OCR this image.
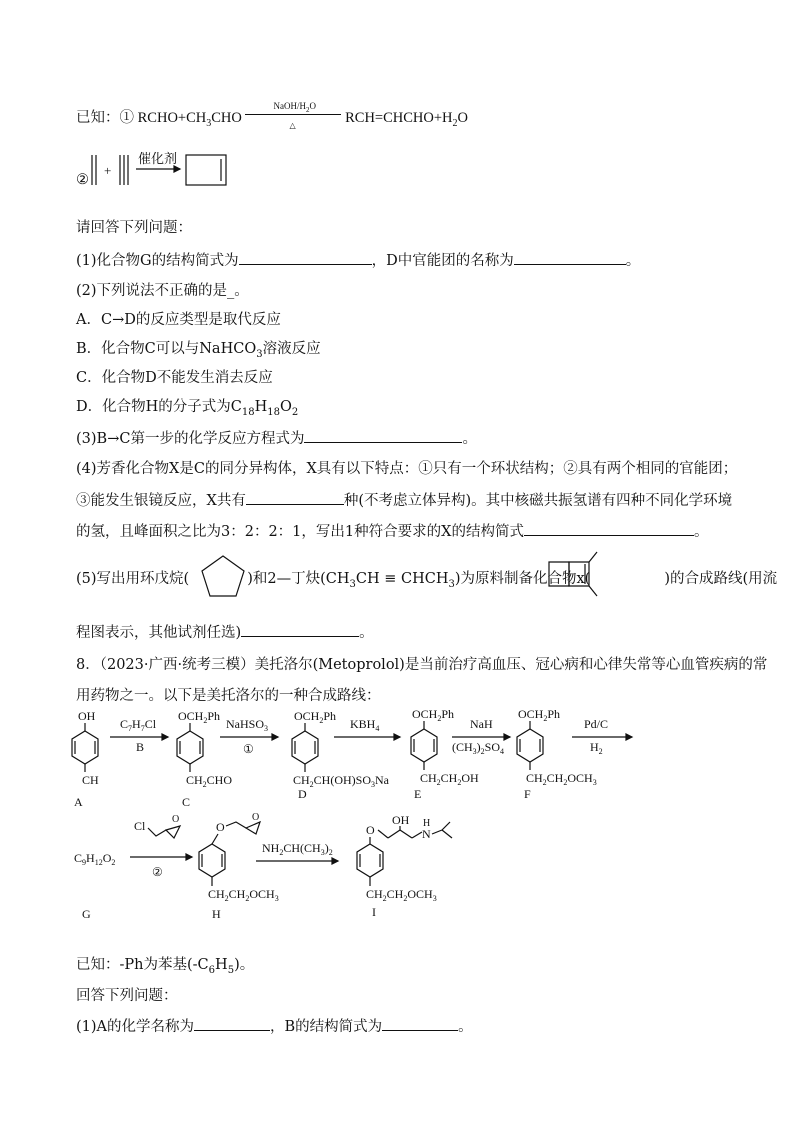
已知：① $RCHO+CH_3CHO$
NaOH/$H_2O$
△	$RCH=CHCHO+H_2O$
②
+
催化剂
请回答下列问题：
(1)化合物G的结构简式为	，D中官能团的名称为	。
(2)下列说法不正确的是_。
A．C→D的反应类型是取代反应
B．化合物C可以与NaHCO$_3$溶液反应
C．化合物D不能发生消去反应
D．化合物H的分子式为$C_{18}H_{18}O_2$
(3)B→C第一步的化学反应方程式为	。
(4)芳香化合物X是C的同分异构体，X具有以下特点：①只有一个环状结构；②具有两个相同的官能团；
③能发生银镜反应，X共有	种(不考虑立体异构)。其中核磁共振氢谱有四种不同化学环境
的氢，且峰面积之比为3：2：2：1，写出1种符合要求的X的结构简式	。
(5)写出用环戊烷(	)和2—丁炔($CH_3CH$ ≡ $CHCH_3$)为原料制备化合物x(	)的合成路线(用流
程图表示，其他试剂任选)	。
8．（2023·广西·统考三模）美托洛尔(Metoprolol)是当前治疗高血压、冠心病和心律失常等心血管疾病的常
用药物之一。以下是美托洛尔的一种合成路线：
OH
CH
A
$C_7H_7Cl$
B
$OCH_2Ph$
$CH_2CHO$
C
NaHSO$_3$
①
$OCH_2Ph$
$CH_2CH(OH)SO_3Na$
D
$KBH_4$
$OCH_2Ph$
$CH_2CH_2OH$
E
NaH
$(CH_3)_2SO_4$
$OCH_2Ph$
$CH_2CH_2OCH_3$
F
Pd/C
$H_2$
$C_9H_{12}O_2$
G
Cl	O
②
O
O
$CH_2CH_2OCH_3$
H
$NH_2CH(CH_3)_2$
OH H
O	N
$CH_2CH_2OCH_3$
I
已知：-Ph为苯基$(-C_6H_5)$。
回答下列问题：
(1)A的化学名称为	，B的结构简式为	。
